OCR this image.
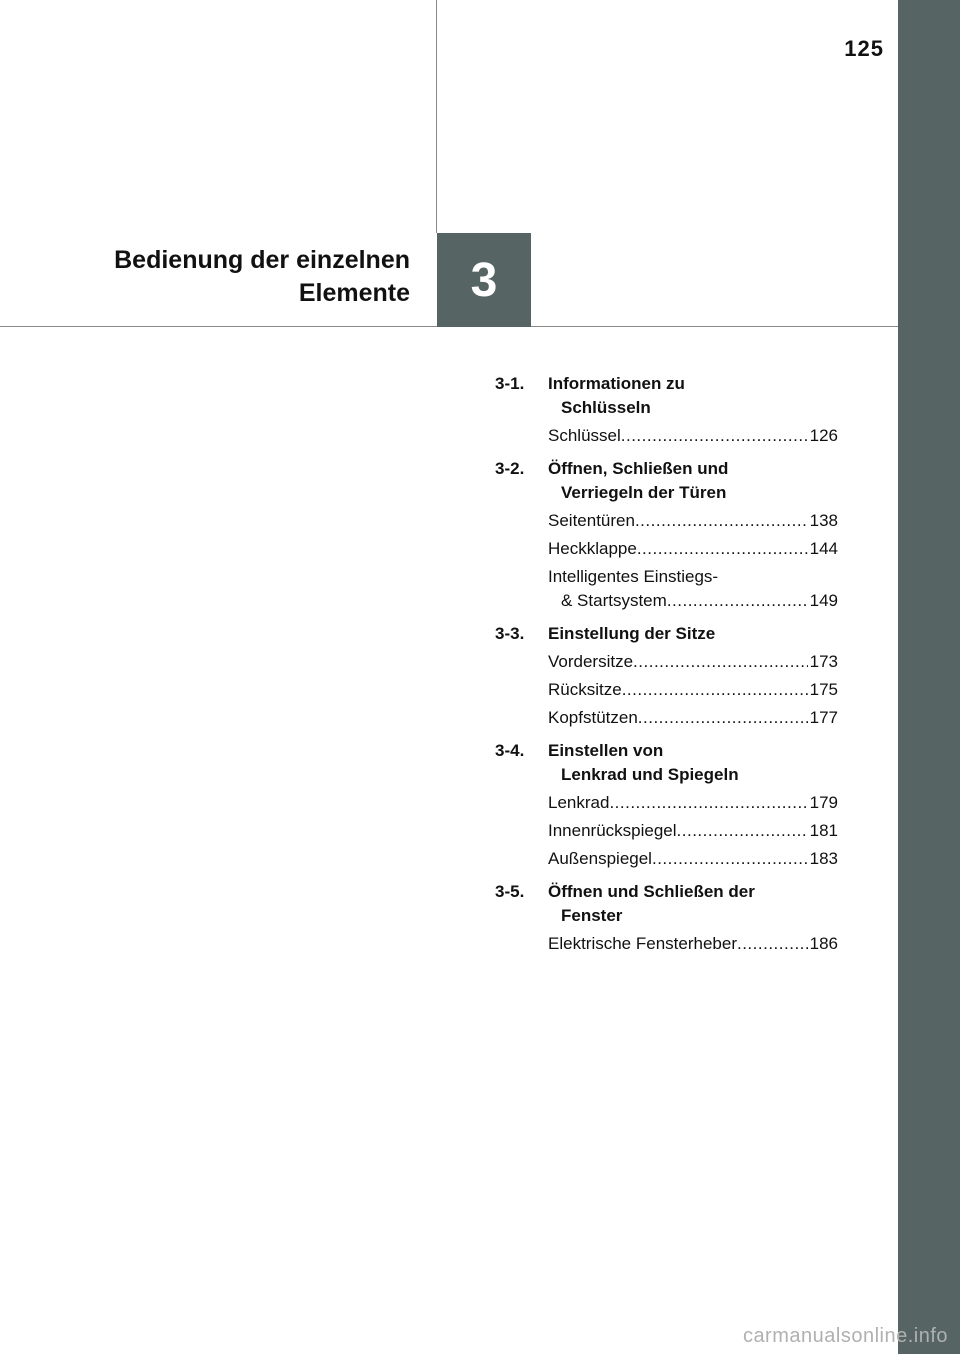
125
Bedienung der einzelnen
Elemente 3
3-1.	Informationen zu
Schlüsseln
Schlüssel .....	126
3-2.	Öffnen, Schließen und
Verriegeln der Türen
Seitentüren .....	138
Heckklappe .....	144
Intelligentes Einstiegs-
& Startsystem .....	149
3-3.	Einstellung der Sitze
Vordersitze .....	173
Rücksitze .....	175
Kopfstützen .....	177
3-4.	Einstellen von
Lenkrad und Spiegeln
Lenkrad .....	179
Innenrückspiegel .....	181
Außenspiegel .....	183
3-5.	Öffnen und Schließen der
Fenster
Elektrische Fensterheber .....	186
carmanualsonline.info
